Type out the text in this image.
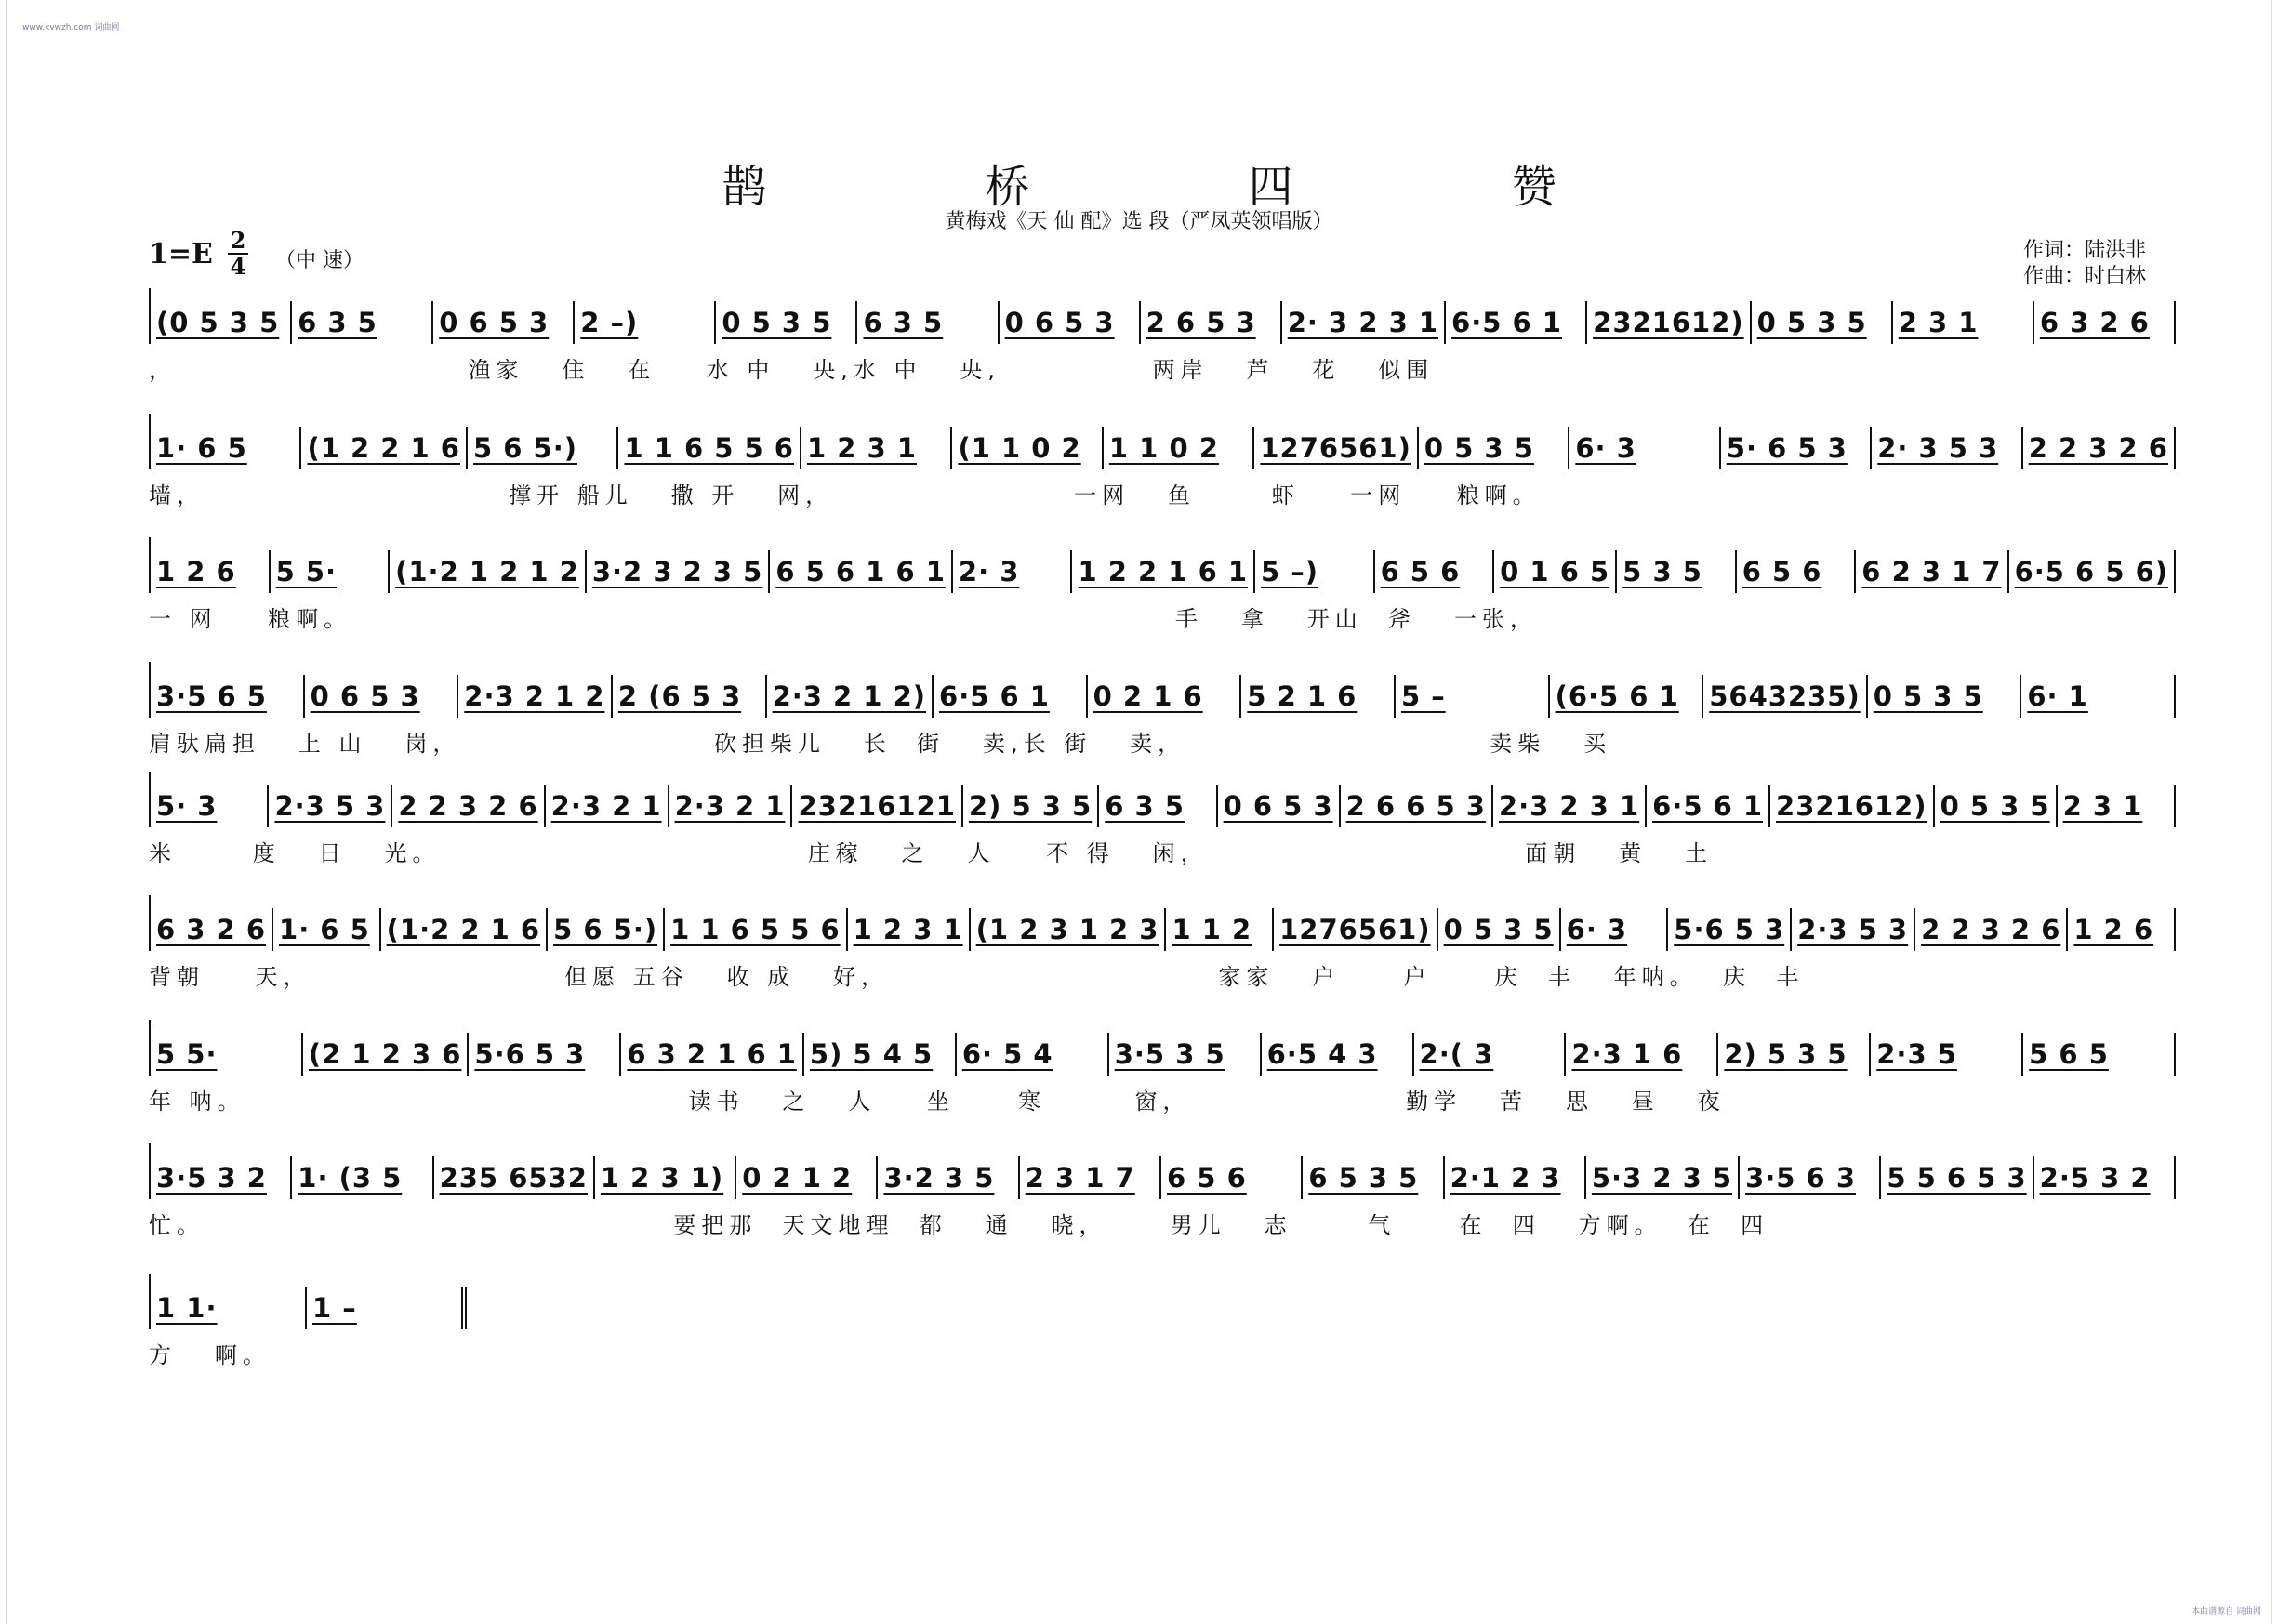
www.kvwzh.com 词曲网
本曲谱源自 词曲网
鹊 桥 四 赞
黄梅戏《天 仙 配》选 段（严凤英领唱版）
1=E 2
4 （中 速）	作词：陆洪非
作曲：时白林
(0 5 3 5 6 3 5 0 6 5 3 2 –)	0 5 3 5 6 3 5 0 6 5 3 2 6 5 3 2· 3 2 3 1 6·5 6 1 2321612) 0 5 3 5 2 3 1 6 3 2 6
，                       渔家   住   在    水 中   央,水 中   央,            两岸   芦   花   似围
1· 6 5 (1 2 2 1 6 5 6 5·) 1 1 6 5 5 6 1 2 3 1 (1 1 0 2 1 1 0 2 1276561) 0 5 3 5 6· 3	5· 6 5 3 2· 3 5 3 2 2 3 2 6
墙，                        撑开 船儿   撒 开   网，                   一网   鱼      虾    一网    粮啊。
1 2 6 5 5· (1·2 1 2 1 2 3·2 3 2 3 5 6 5 6 1 6 1 2· 3 1 2 2 1 6 1 5 –) 6 5 6 0 1 6 5 5 3 5 6 5 6 6 2 3 1 7 6·5 6 5 6)
一 网    粮啊。                                                                 手   拿   开山  斧   一张，
3·5 6 5 0 6 5 3 2·3 2 1 2 2 (6 5 3 2·3 2 1 2) 6·5 6 1 0 2 1 6 5 2 1 6 5 –	(6·5 6 1 5643235) 0 5 3 5 6· 1
肩驮扁担   上 山   岗，                    砍担柴儿   长  街   卖,长 街   卖，                        卖柴   买
5· 3 2·3 5 3 2 2 3 2 6 2·3 2 1 2·3 2 1 23216121 2) 5 3 5 6 3 5 0 6 5 3 2 6 6 5 3 2·3 2 3 1 6·5 6 1 2321612) 0 5 3 5 2 3 1
米      度   日   光。                             庄稼   之   人    不 得   闲，                         面朝   黄   土
6 3 2 6 1· 6 5 (1·2 2 1 6 5 6 5·) 1 1 6 5 5 6 1 2 3 1 (1 2 3 1 2 3 1 1 2 1276561) 0 5 3 5 6· 3 5·6 5 3 2·3 5 3 2 2 3 2 6 1 2 6
背朝    天，                    但愿 五谷   收 成   好，                          家家   户     户     庆  丰   年呐。  庆  丰
5 5·	(2 1 2 3 6 5·6 5 3 6 3 2 1 6 1 5) 5 4 5 6· 5 4 3·5 3 5 6·5 4 3 2·( 3	2·3 1 6 2) 5 3 5 2·3 5	5 6 5
年 呐。                                   读书   之   人    坐     寒       窗，                 勤学   苦   思   昼   夜
3·5 3 2 1· (3 5 235 6532 1 2 3 1) 0 2 1 2 3·2 3 5 2 3 1 7 6 5 6 6 5 3 5 2·1 2 3 5·3 2 3 5 3·5 6 3 5 5 6 5 3 2·5 3 2
忙。                                     要把那  天文地理  都   通   晓，     男儿   志      气     在  四   方啊。  在  四
1 1·	1 –
方   啊。
